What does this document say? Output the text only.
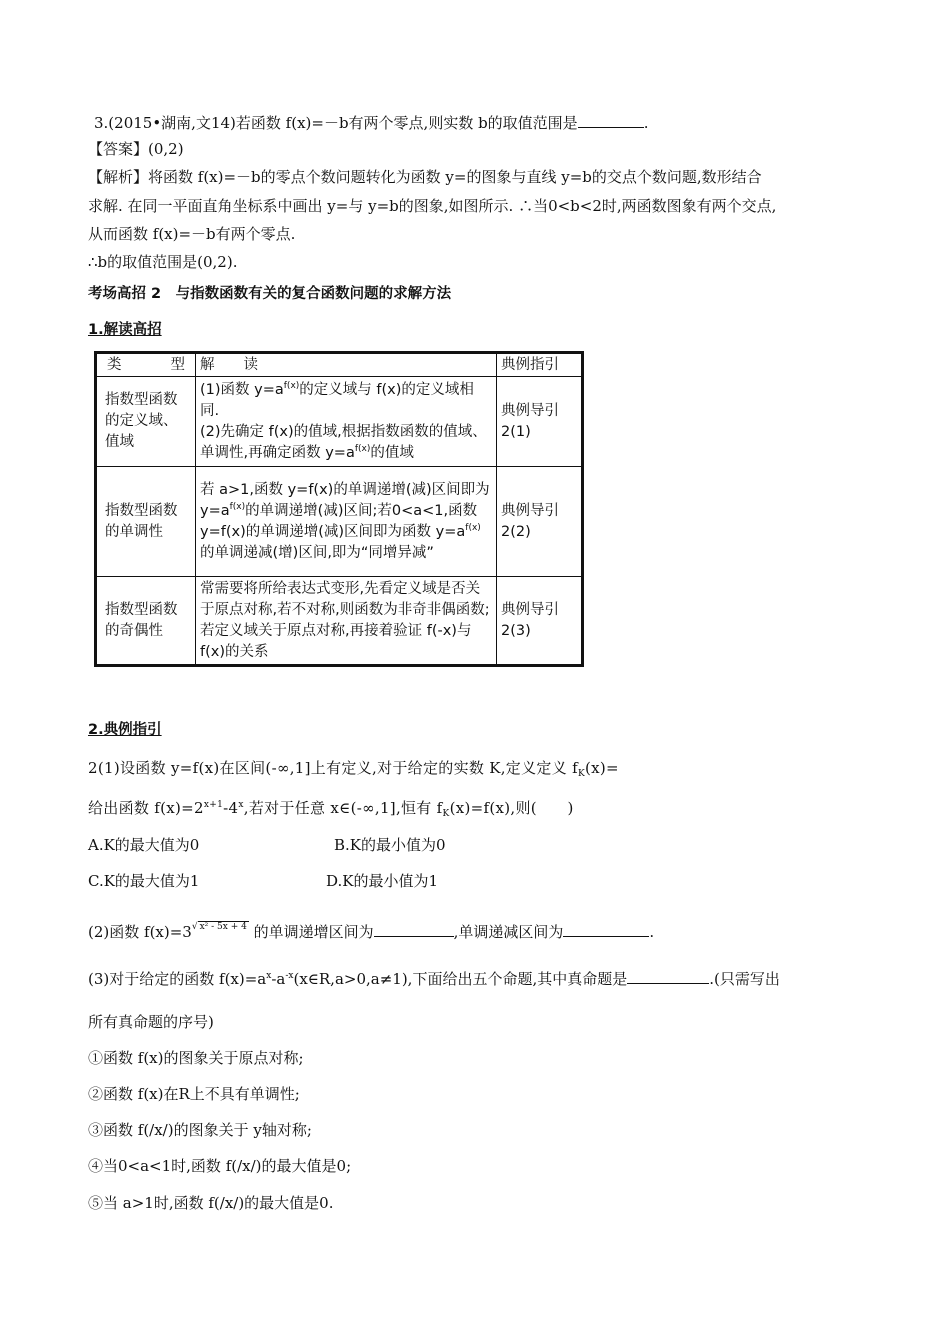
3.(2015•湖南,文14)若函数 f(x)=－b有两个零点,则实数 b的取值范围是	.
【答案】(0,2)
【解析】将函数 f(x)=－b的零点个数问题转化为函数 y=的图象与直线 y=b的交点个数问题,数形结合
求解. 在同一平面直角坐标系中画出 y=与 y=b的图象,如图所示. ∴当0<b<2时,两函数图象有两个交点,
从而函数 f(x)=－b有两个零点.
∴b的取值范围是(0,2).
考场高招 2　与指数函数有关的复合函数问题的求解方法
1.解读高招
类 型	解　　读	典例指引
指数型函数的定义域、值域	(1)函数 $y=a^{f(x)}$的定义域与 f(x)的定义域相同.
(2)先确定 f(x)的值域,根据指数函数的值域、单调性,再确定函数 $y=a^{f(x)}$的值域	典例导引2(1)
指数型函数的单调性	若 a>1,函数 y=f(x)的单调递增(减)区间即为 $y=a^{f(x)}$的单调递增(减)区间;若0<a<1,函数 y=f(x)的单调递增(减)区间即为函数 $y=a^{f(x)}$的单调递减(增)区间,即为“同增异减”	典例导引2(2)
指数型函数的奇偶性	常需要将所给表达式变形,先看定义域是否关于原点对称,若不对称,则函数为非奇非偶函数;若定义域关于原点对称,再接着验证 f(-x)与 f(x)的关系	典例导引2(3)
2.典例指引
2(1)设函数 y=f(x)在区间(-∞,1]上有定义,对于给定的实数 K,定义定义 $f_K(x)=$
给出函数 $f(x)=2^{x+1}-4^x$,若对于任意 x∈(-∞,1],恒有 $f_K(x)=f(x)$,则(　　)
A.K的最大值为0	B.K的最小值为0
C.K的最大值为1	D.K的最小值为1
(2)函数 f(x)=3√ x² - 5x + 4 的单调递增区间为	,单调递减区间为	.
(3)对于给定的函数 $f(x)=a^x-a^{-x}(x\in R,a>0,a\ne 1)$,下面给出五个命题,其中真命题是	.(只需写出
所有真命题的序号)
①函数 f(x)的图象关于原点对称;
②函数 f(x)在R上不具有单调性;
③函数 f(/x/)的图象关于 y轴对称;
④当0<a<1时,函数 f(/x/)的最大值是0;
⑤当 a>1时,函数 f(/x/)的最大值是0.
